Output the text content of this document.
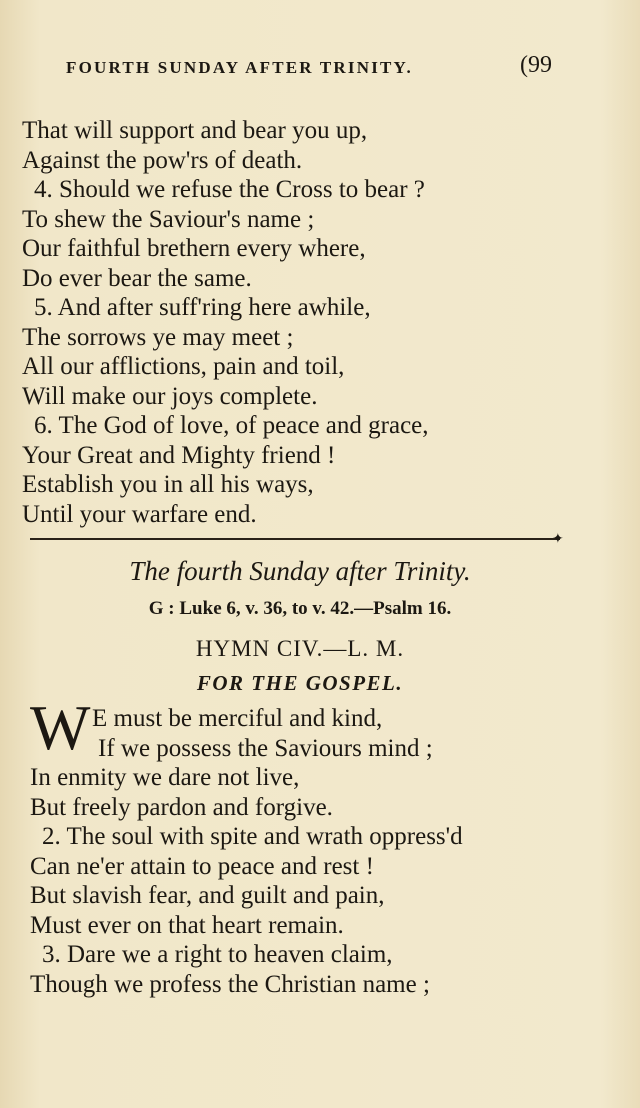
FOURTH SUNDAY AFTER TRINITY.	(99
That will support and bear you up,
Against the pow'rs of death.
4. Should we refuse the Cross to bear ?
To shew the Saviour's name ;
Our faithful brethern every where,
Do ever bear the same.
5. And after suff'ring here awhile,
The sorrows ye may meet ;
All our afflictions, pain and toil,
Will make our joys complete.
6. The God of love, of peace and grace,
Your Great and Mighty friend !
Establish you in all his ways,
Until your warfare end.
✦
The fourth Sunday after Trinity.
G : Luke 6, v. 36, to v. 42.—Psalm 16.
HYMN CIV.—L. M.
FOR THE GOSPEL.
W E must be merciful and kind,
If we possess the Saviours mind ;
In enmity we dare not live,
But freely pardon and forgive.
2. The soul with spite and wrath oppress'd
Can ne'er attain to peace and rest !
But slavish fear, and guilt and pain,
Must ever on that heart remain.
3. Dare we a right to heaven claim,
Though we profess the Christian name ;
